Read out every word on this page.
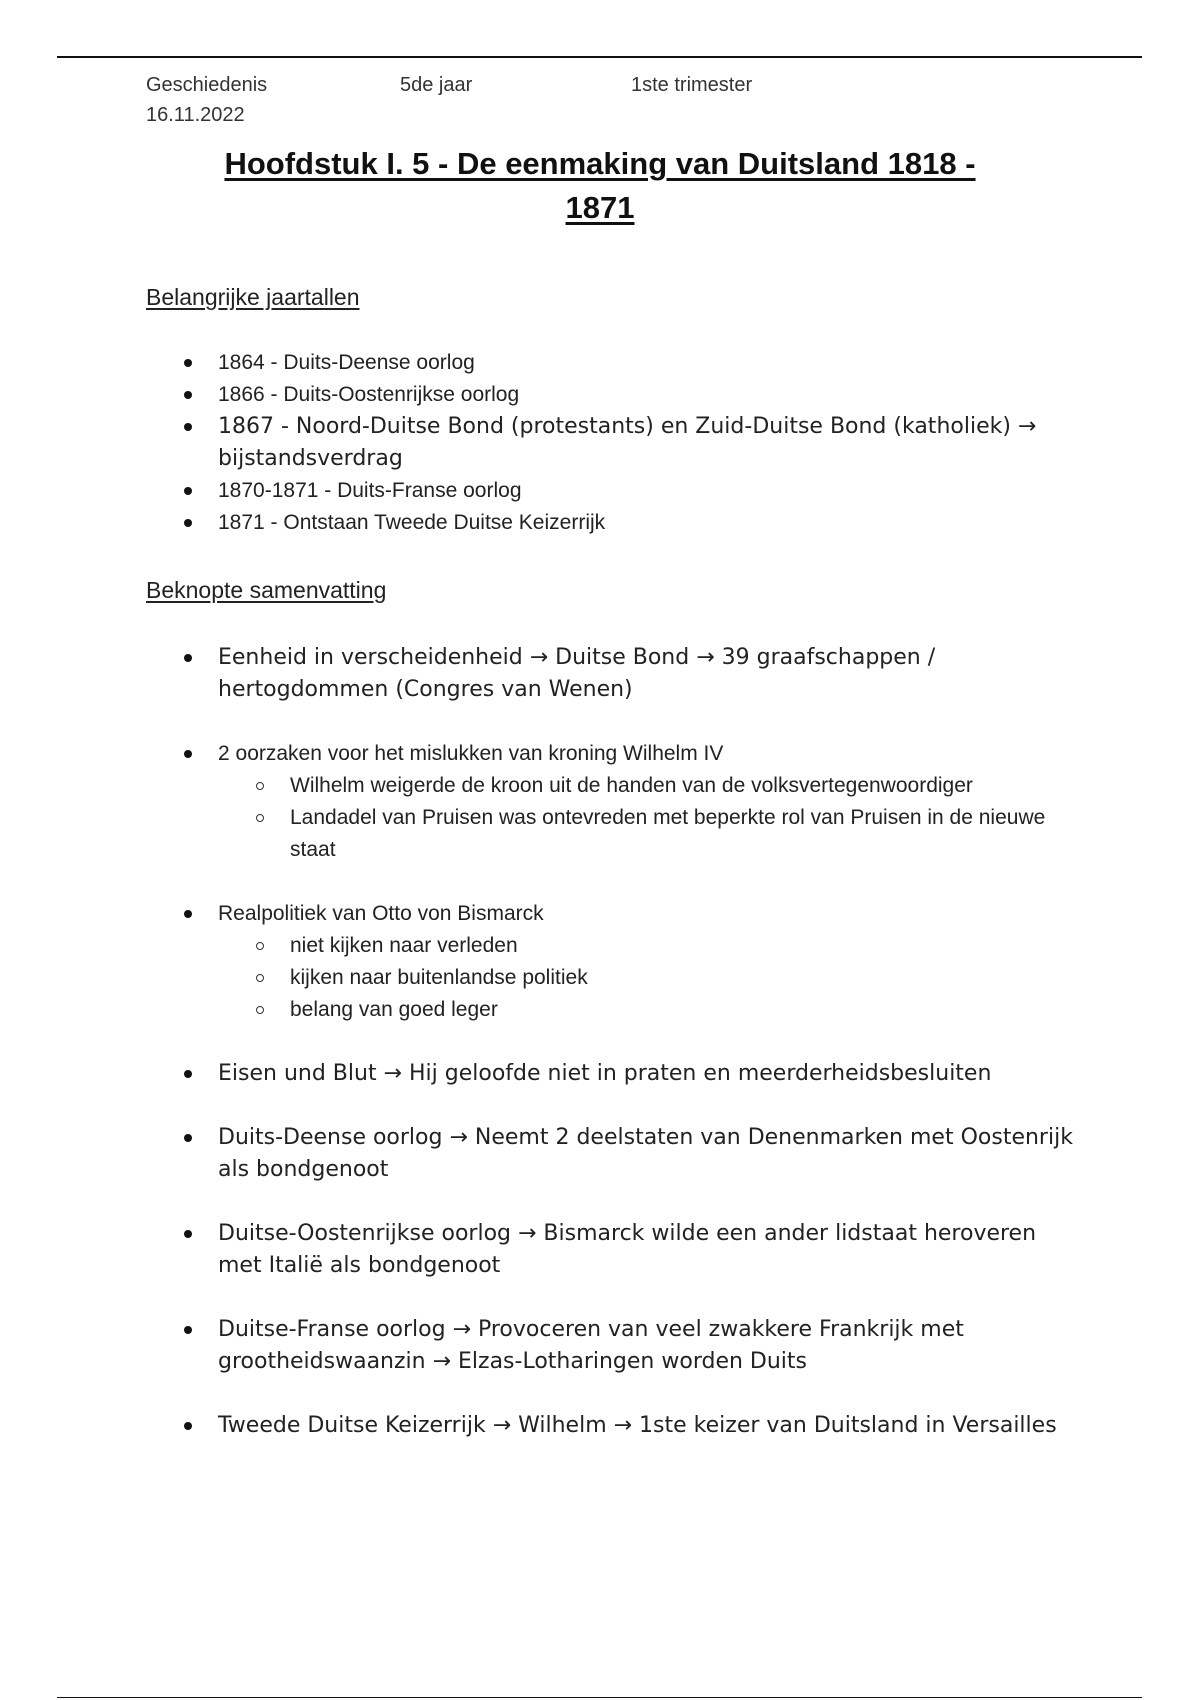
Geschiedenis	5de jaar	1ste trimester
16.11.2022
Hoofdstuk I. 5 - De eenmaking van Duitsland 1818 -
1871
Belangrijke jaartallen
1864 - Duits-Deense oorlog
1866 - Duits-Oostenrijkse oorlog
1867 - Noord-Duitse Bond (protestants) en Zuid-Duitse Bond (katholiek) → bijstandsverdrag
1870-1871 - Duits-Franse oorlog
1871 - Ontstaan Tweede Duitse Keizerrijk
Beknopte samenvatting
Eenheid in verscheidenheid → Duitse Bond → 39 graafschappen / hertogdommen (Congres van Wenen)
2 oorzaken voor het mislukken van kroning Wilhelm IV
Wilhelm weigerde de kroon uit de handen van de volksvertegenwoordiger
Landadel van Pruisen was ontevreden met beperkte rol van Pruisen in de nieuwe staat
Realpolitiek van Otto von Bismarck
niet kijken naar verleden
kijken naar buitenlandse politiek
belang van goed leger
Eisen und Blut → Hij geloofde niet in praten en meerderheidsbesluiten
Duits-Deense oorlog → Neemt 2 deelstaten van Denenmarken met Oostenrijk als bondgenoot
Duitse-Oostenrijkse oorlog → Bismarck wilde een ander lidstaat heroveren met Italië als bondgenoot
Duitse-Franse oorlog → Provoceren van veel zwakkere Frankrijk met grootheidswaanzin → Elzas-Lotharingen worden Duits
Tweede Duitse Keizerrijk → Wilhelm → 1ste keizer van Duitsland in Versailles
